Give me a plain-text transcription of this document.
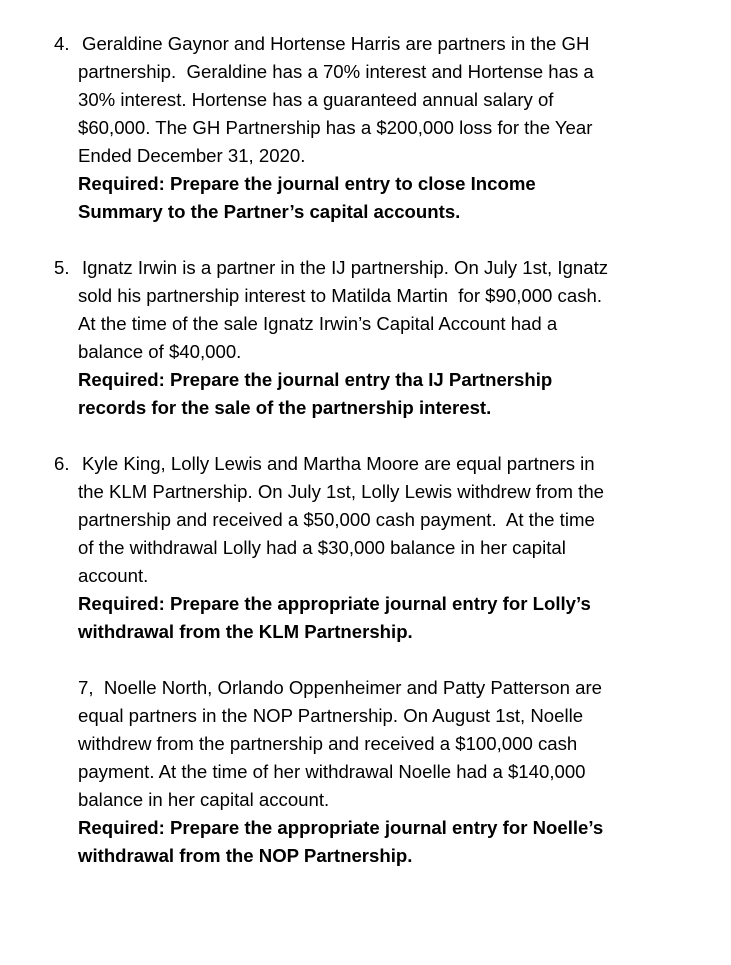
4. Geraldine Gaynor and Hortense Harris are partners in the GH
partnership.  Geraldine has a 70% interest and Hortense has a
30% interest. Hortense has a guaranteed annual salary of
$60,000. The GH Partnership has a $200,000 loss for the Year
Ended December 31, 2020.
Required: Prepare the journal entry to close Income
Summary to the Partner’s capital accounts.
5. Ignatz Irwin is a partner in the IJ partnership. On July 1st, Ignatz
sold his partnership interest to Matilda Martin  for $90,000 cash.
At the time of the sale Ignatz Irwin’s Capital Account had a
balance of $40,000.
Required: Prepare the journal entry tha IJ Partnership
records for the sale of the partnership interest.
6. Kyle King, Lolly Lewis and Martha Moore are equal partners in
the KLM Partnership. On July 1st, Lolly Lewis withdrew from the
partnership and received a $50,000 cash payment.  At the time
of the withdrawal Lolly had a $30,000 balance in her capital
account.
Required: Prepare the appropriate journal entry for Lolly’s
withdrawal from the KLM Partnership.
7,  Noelle North, Orlando Oppenheimer and Patty Patterson are
equal partners in the NOP Partnership. On August 1st, Noelle
withdrew from the partnership and received a $100,000 cash
payment. At the time of her withdrawal Noelle had a $140,000
balance in her capital account.
Required: Prepare the appropriate journal entry for Noelle’s
withdrawal from the NOP Partnership.
